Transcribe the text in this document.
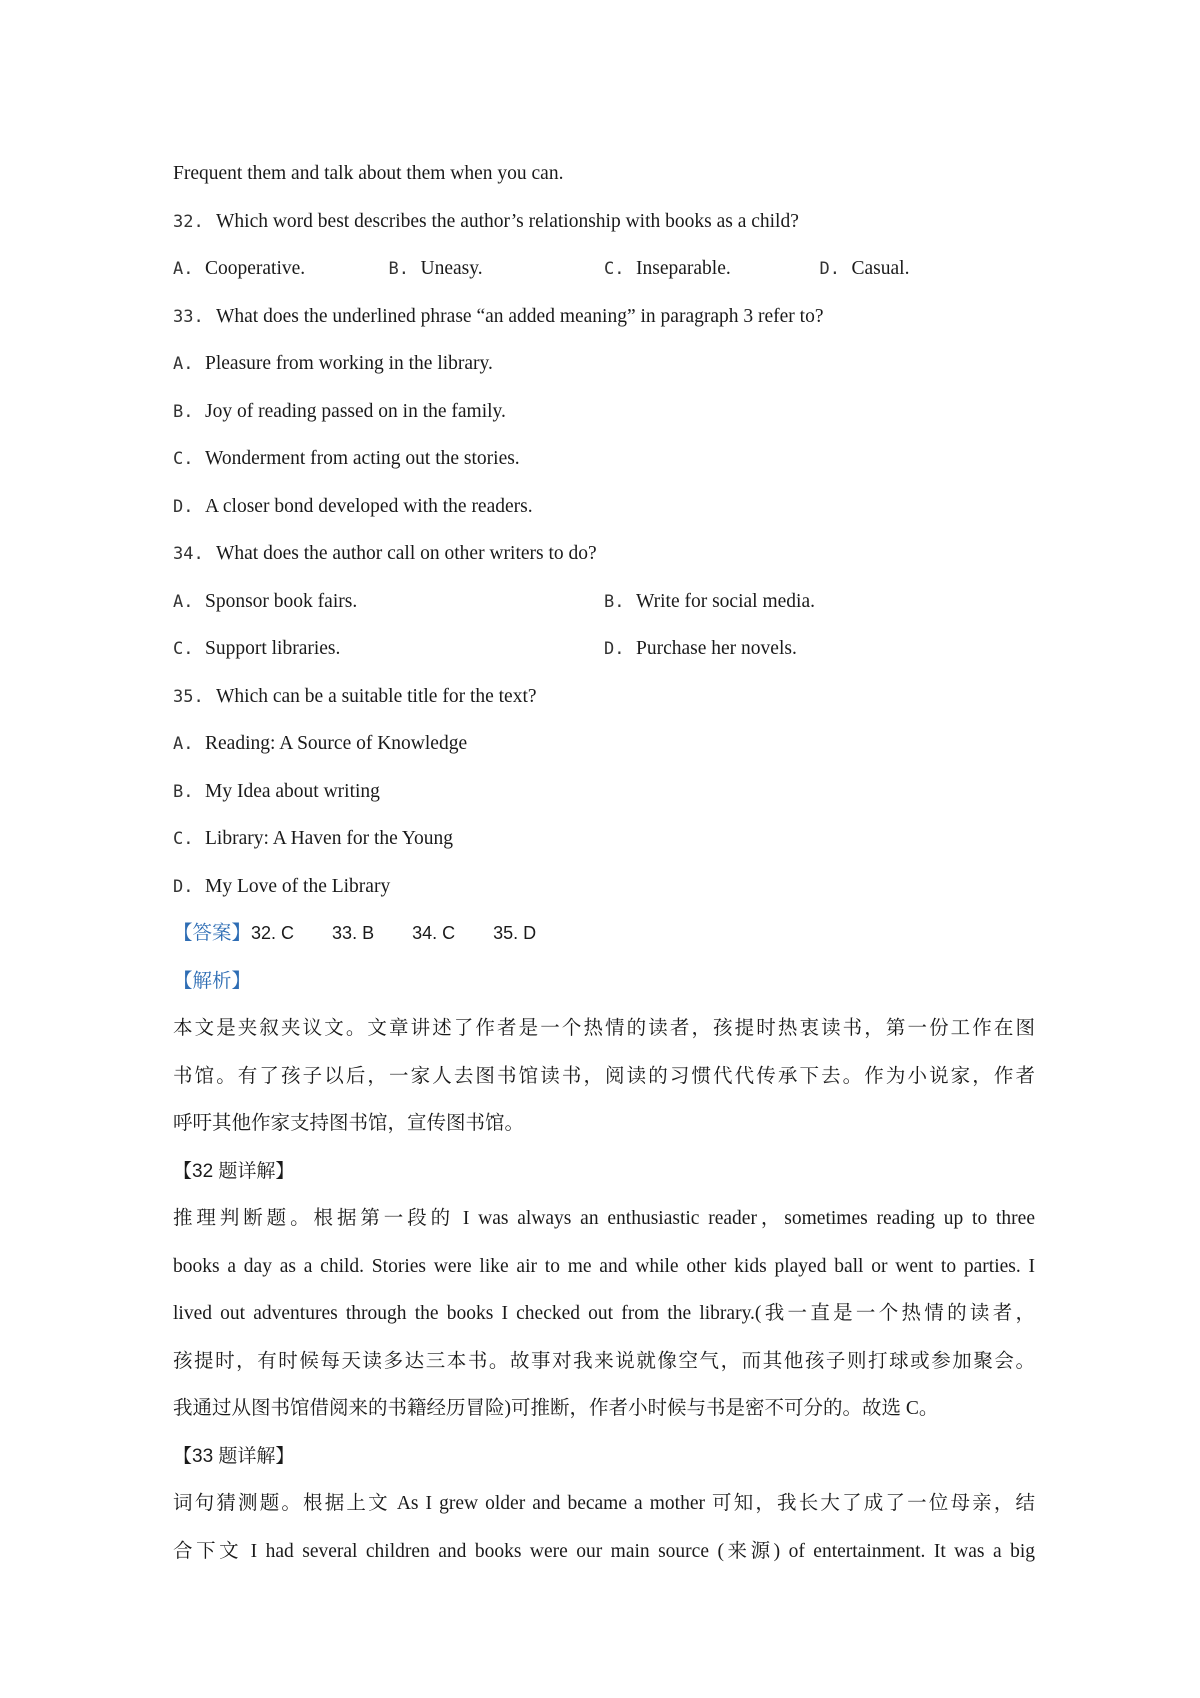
Frequent them and talk about them when you can.
32. Which word best describes the author’s relationship with books as a child?
A. Cooperative.	B. Uneasy.	C. Inseparable.	D. Casual.
33. What does the underlined phrase “an added meaning” in paragraph 3 refer to?
A. Pleasure from working in the library.
B. Joy of reading passed on in the family.
C. Wonderment from acting out the stories.
D. A closer bond developed with the readers.
34. What does the author call on other writers to do?
A. Sponsor book fairs.	B. Write for social media.
C. Support libraries.	D. Purchase her novels.
35. Which can be a suitable title for the text?
A. Reading: A Source of Knowledge
B. My Idea about writing
C. Library: A Haven for the Young
D. My Love of the Library
【答案】32. C 33. B 34. C 35. D
【解析】
本文是夹叙夹议文。文章讲述了作者是一个热情的读者，孩提时热衷读书，第一份工作在图
书馆。有了孩子以后，一家人去图书馆读书，阅读的习惯代代传承下去。作为小说家，作者
呼吁其他作家支持图书馆，宣传图书馆。
【32 题详解】
推理判断题。根据第一段的 I was always an enthusiastic reader，sometimes reading up to three
books a day as a child. Stories were like air to me and while other kids played ball or went to parties. I
lived out adventures through the books I checked out from the library.(我一直是一个热情的读者，
孩提时，有时候每天读多达三本书。故事对我来说就像空气，而其他孩子则打球或参加聚会。
我通过从图书馆借阅来的书籍经历冒险)可推断，作者小时候与书是密不可分的。故选 C。
【33 题详解】
词句猜测题。根据上文 As I grew older and became a mother 可知，我长大了成了一位母亲，结
合下文 I had several children and books were our main source (来源) of entertainment. It was a big
